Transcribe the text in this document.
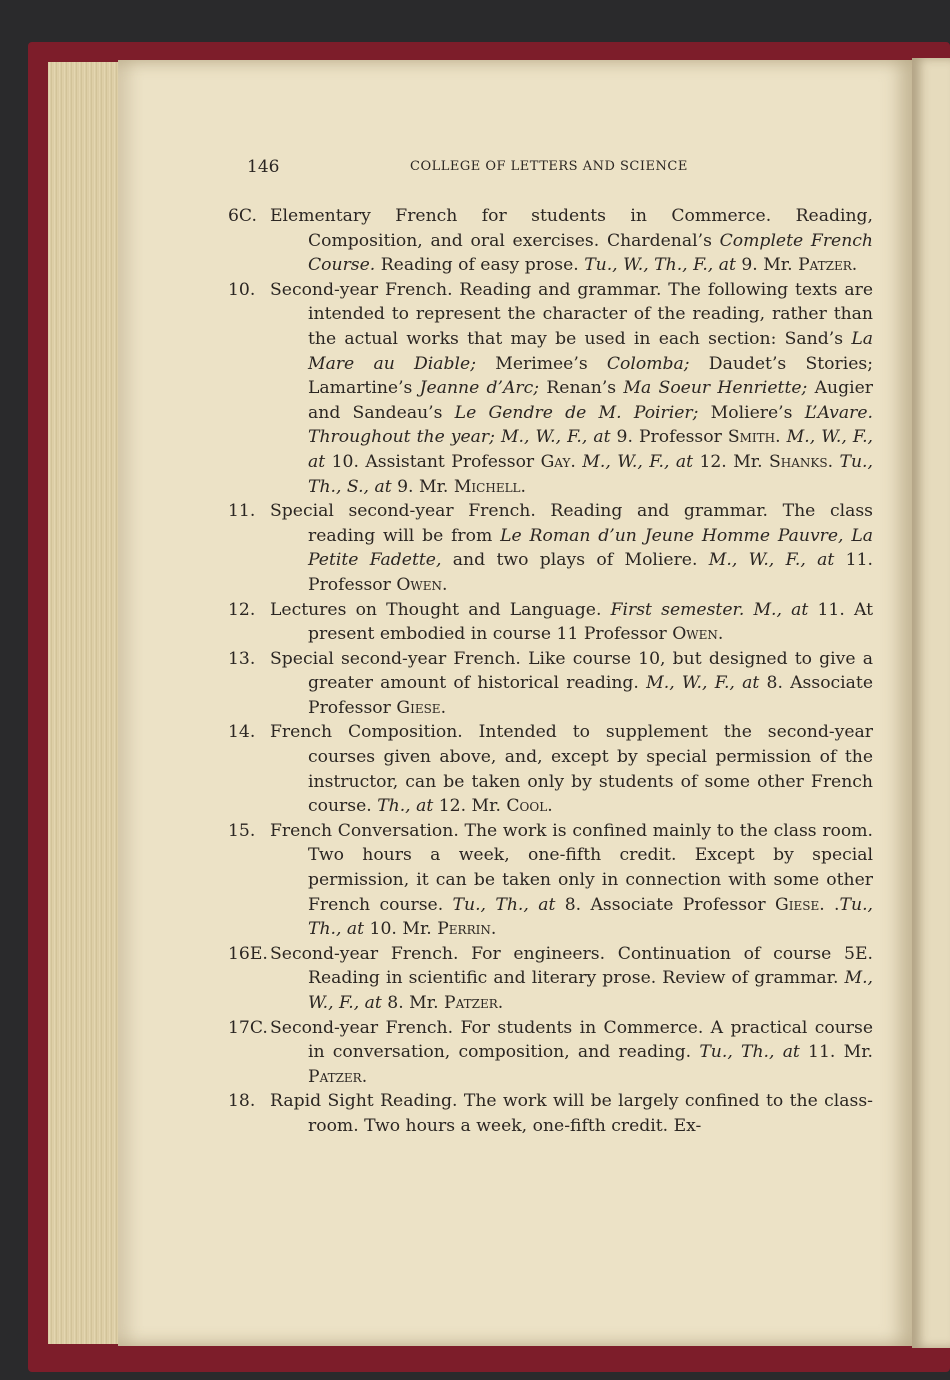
146	COLLEGE OF LETTERS AND SCIENCE
6C. Elementary French for students in Commerce. Reading, Composition, and oral exercises. Chardenal’s Complete French Course. Reading of easy prose. Tu., W., Th., F., at 9. Mr. Patzer.
10. Second-year French. Reading and grammar. The following texts are intended to represent the character of the reading, rather than the actual works that may be used in each section: Sand’s La Mare au Diable; Merimee’s Colomba; Daudet’s Stories; Lamartine’s Jeanne d’Arc; Renan’s Ma Soeur Henriette; Augier and Sandeau’s Le Gendre de M. Poirier; Moliere’s L’Avare. Throughout the year; M., W., F., at 9. Professor Smith. M., W., F., at 10. Assistant Professor Gay. M., W., F., at 12. Mr. Shanks. Tu., Th., S., at 9. Mr. Michell.
11. Special second-year French. Reading and grammar. The class reading will be from Le Roman d’un Jeune Homme Pauvre, La Petite Fadette, and two plays of Moliere. M., W., F., at 11. Professor Owen.
12. Lectures on Thought and Language. First semester. M., at 11. At present embodied in course 11 Professor Owen.
13. Special second-year French. Like course 10, but designed to give a greater amount of historical reading. M., W., F., at 8. Associate Professor Giese.
14. French Composition. Intended to supplement the second-year courses given above, and, except by special permission of the instructor, can be taken only by students of some other French course. Th., at 12. Mr. Cool.
15. French Conversation. The work is confined mainly to the class room. Two hours a week, one-fifth credit. Except by special permission, it can be taken only in connection with some other French course. Tu., Th., at 8. Associate Professor Giese. .Tu., Th., at 10. Mr. Perrin.
16E. Second-year French. For engineers. Continuation of course 5E. Reading in scientific and literary prose. Review of grammar. M., W., F., at 8. Mr. Patzer.
17C. Second-year French. For students in Commerce. A practical course in conversation, composition, and reading. Tu., Th., at 11. Mr. Patzer.
18. Rapid Sight Reading. The work will be largely confined to the class-room. Two hours a week, one-fifth credit. Ex-
